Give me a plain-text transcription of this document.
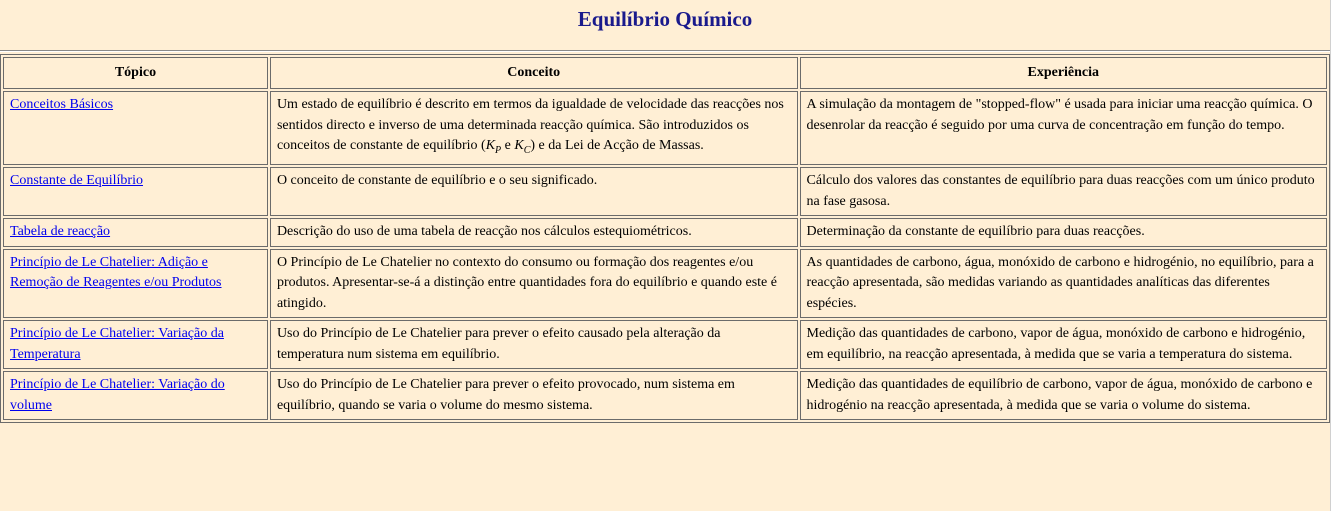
Equilíbrio Químico
Tópico	Conceito	Experiência
Conceitos Básicos	Um estado de equilíbrio é descrito em termos da igualdade de velocidade das reacções nos sentidos directo e inverso de uma determinada reacção química. São introduzidos os conceitos de constante de equilíbrio ($K_P$ e $K_C$) e da Lei de Acção de Massas.	A simulação da montagem de "stopped-flow" é usada para iniciar uma reacção química. O desenrolar da reacção é seguido por uma curva de concentração em função do tempo.
Constante de Equilíbrio	O conceito de constante de equilíbrio e o seu significado.	Cálculo dos valores das constantes de equilíbrio para duas reacções com um único produto na fase gasosa.
Tabela de reacção	Descrição do uso de uma tabela de reacção nos cálculos estequiométricos.	Determinação da constante de equilíbrio para duas reacções.
Princípio de Le Chatelier: Adição e Remoção de Reagentes e/ou Produtos	O Princípio de Le Chatelier no contexto do consumo ou formação dos reagentes e/ou produtos. Apresentar-se-á a distinção entre quantidades fora do equilíbrio e quando este é atingido.	As quantidades de carbono, água, monóxido de carbono e hidrogénio, no equilíbrio, para a reacção apresentada, são medidas variando as quantidades analíticas das diferentes espécies.
Princípio de Le Chatelier: Variação da Temperatura	Uso do Princípio de Le Chatelier para prever o efeito causado pela alteração da temperatura num sistema em equilíbrio.	Medição das quantidades de carbono, vapor de água, monóxido de carbono e hidrogénio, em equilíbrio, na reacção apresentada, à medida que se varia a temperatura do sistema.
Princípio de Le Chatelier: Variação do volume	Uso do Princípio de Le Chatelier para prever o efeito provocado, num sistema em equilíbrio, quando se varia o volume do mesmo sistema.	Medição das quantidades de equilíbrio de carbono, vapor de água, monóxido de carbono e hidrogénio na reacção apresentada, à medida que se varia o volume do sistema.
